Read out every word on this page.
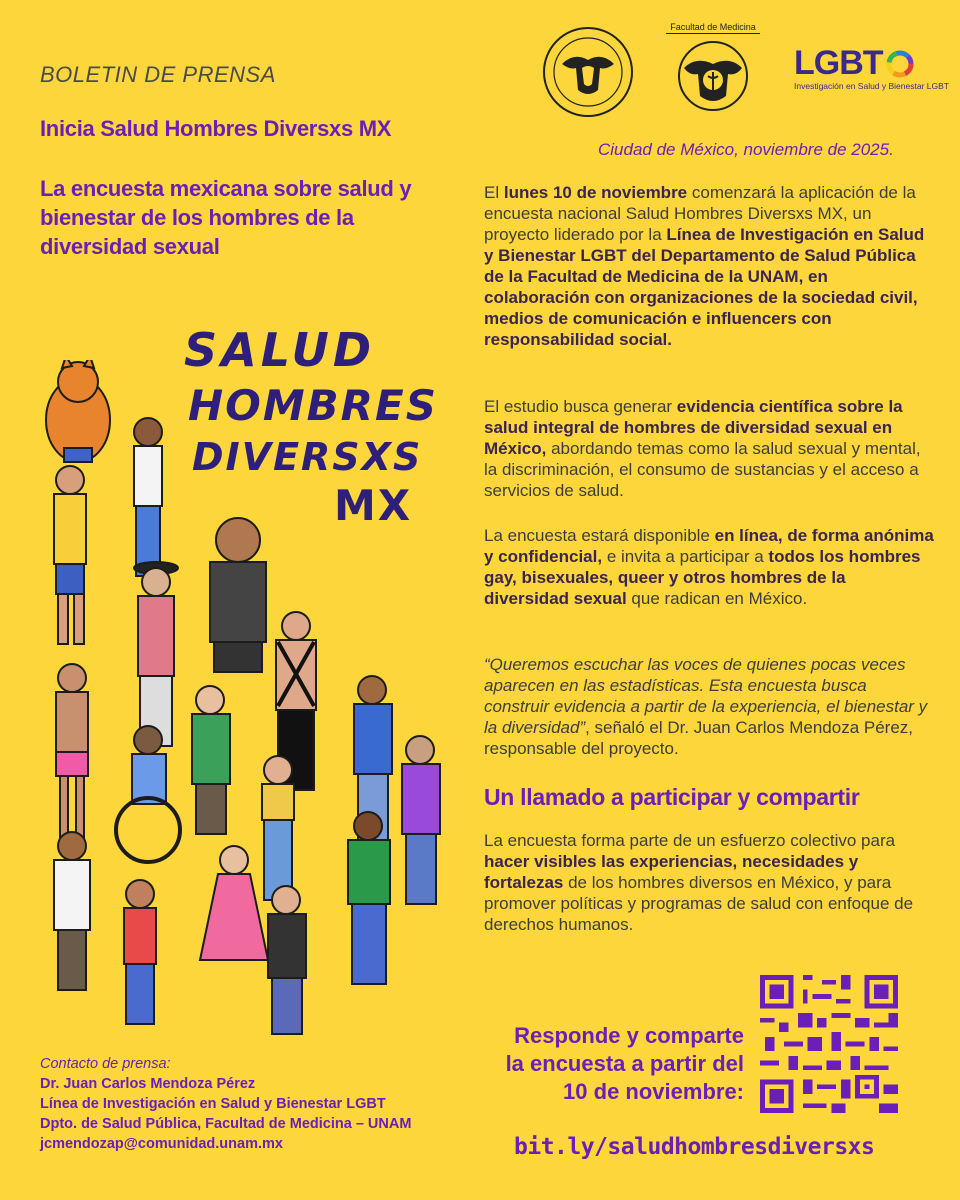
BOLETIN DE PRENSA
Inicia Salud Hombres Diversxs MX
La encuesta mexicana sobre salud y bienestar de los hombres de la diversidad sexual
Facultad de Medicina
LGBT
Investigación en Salud y Bienestar LGBT
Ciudad de México, noviembre de 2025.
SALUD
HOMBRES
DIVERSXS
MX
El lunes 10 de noviembre comenzará la aplicación de la encuesta nacional Salud Hombres Diversxs MX, un proyecto liderado por la Línea de Investigación en Salud y Bienestar LGBT del Departamento de Salud Pública de la Facultad de Medicina de la UNAM, en colaboración con organizaciones de la sociedad civil, medios de comunicación e influencers con responsabilidad social.
El estudio busca generar evidencia científica sobre la salud integral de hombres de diversidad sexual en México, abordando temas como la salud sexual y mental, la discriminación, el consumo de sustancias y el acceso a servicios de salud.
La encuesta estará disponible en línea, de forma anónima y confidencial, e invita a participar a todos los hombres gay, bisexuales, queer y otros hombres de la diversidad sexual que radican en México.
“Queremos escuchar las voces de quienes pocas veces aparecen en las estadísticas. Esta encuesta busca construir evidencia a partir de la experiencia, el bienestar y la diversidad”, señaló el Dr. Juan Carlos Mendoza Pérez, responsable del proyecto.
Un llamado a participar y compartir
La encuesta forma parte de un esfuerzo colectivo para hacer visibles las experiencias, necesidades y fortalezas de los hombres diversos en México, y para promover políticas y programas de salud con enfoque de derechos humanos.
Responde y comparte
la encuesta a partir del
10 de noviembre:
bit.ly/saludhombresdiversxs
Contacto de prensa:
Dr. Juan Carlos Mendoza Pérez
Línea de Investigación en Salud y Bienestar LGBT
Dpto. de Salud Pública, Facultad de Medicina – UNAM
jcmendozap@comunidad.unam.mx
